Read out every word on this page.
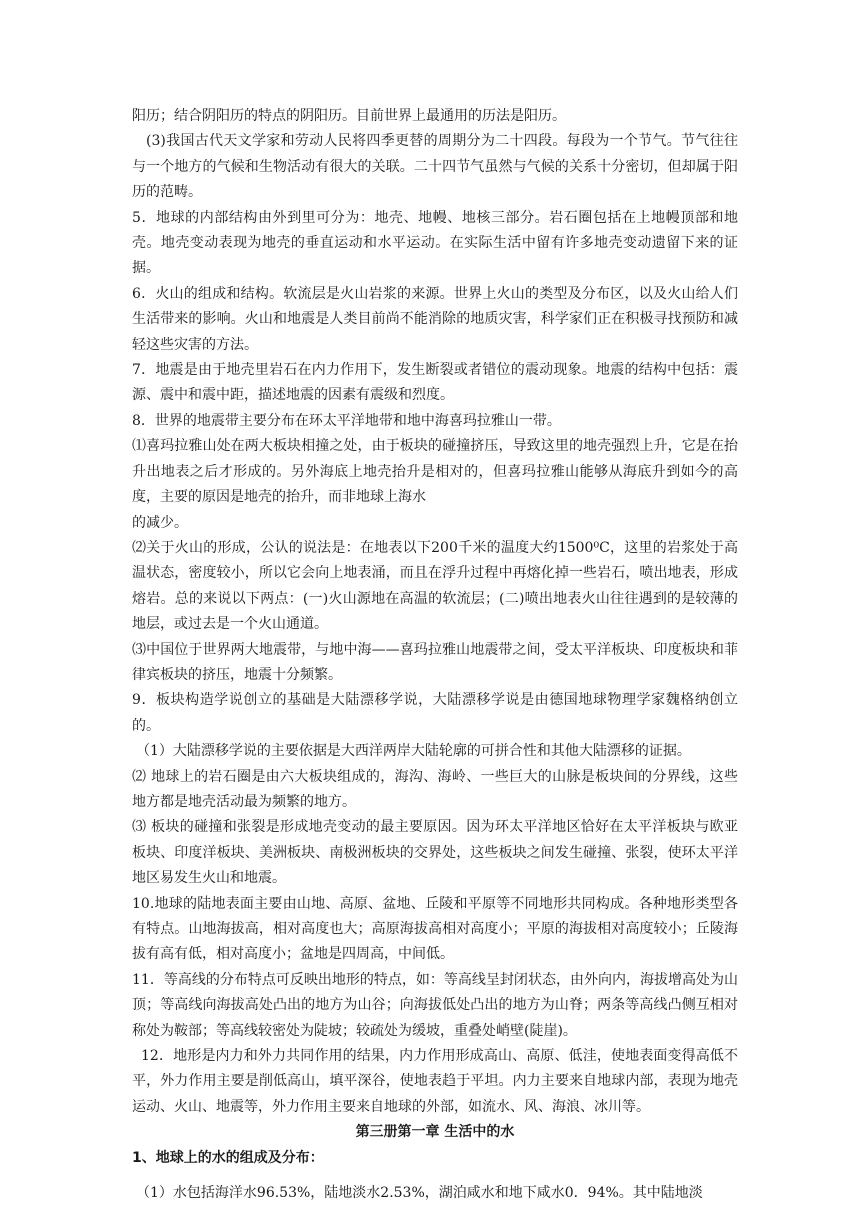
阳历；结合阴阳历的特点的阴阳历。目前世界上最通用的历法是阳历。

(3)我国古代天文学家和劳动人民将四季更替的周期分为二十四段。每段为一个节气。节气往往与一个地方的气候和生物活动有很大的关联。二十四节气虽然与气候的关系十分密切，但却属于阳历的范畴。

5．地球的内部结构由外到里可分为：地壳、地幔、地核三部分。岩石圈包括在上地幔顶部和地壳。地壳变动表现为地壳的垂直运动和水平运动。在实际生活中留有许多地壳变动遗留下来的证据。

6．火山的组成和结构。软流层是火山岩浆的来源。世界上火山的类型及分布区，以及火山给人们生活带来的影响。火山和地震是人类目前尚不能消除的地质灾害，科学家们正在积极寻找预防和减轻这些灾害的方法。

7．地震是由于地壳里岩石在内力作用下，发生断裂或者错位的震动现象。地震的结构中包括：震源、震中和震中距，描述地震的因素有震级和烈度。

8．世界的地震带主要分布在环太平洋地带和地中海喜玛拉雅山一带。

⑴喜玛拉雅山处在两大板块相撞之处，由于板块的碰撞挤压，导致这里的地壳强烈上升，它是在抬升出地表之后才形成的。另外海底上地壳抬升是相对的，但喜玛拉雅山能够从海底升到如今的高度，主要的原因是地壳的抬升，而非地球上海水

的减少。

⑵关于火山的形成，公认的说法是：在地表以下200千米的温度大约1500⁰C，这里的岩浆处于高温状态，密度较小，所以它会向上地表涌，而且在浮升过程中再熔化掉一些岩石，喷出地表，形成熔岩。总的来说以下两点：(一)火山源地在高温的软流层；(二)喷出地表火山往往遇到的是较薄的地层，或过去是一个火山通道。

⑶中国位于世界两大地震带，与地中海——喜玛拉雅山地震带之间，受太平洋板块、印度板块和菲律宾板块的挤压，地震十分频繁。

9．板块构造学说创立的基础是大陆漂移学说，大陆漂移学说是由德国地球物理学家魏格纳创立的。

（1）大陆漂移学说的主要依据是大西洋两岸大陆轮廓的可拼合性和其他大陆漂移的证据。

⑵ 地球上的岩石圈是由六大板块组成的，海沟、海岭、一些巨大的山脉是板块间的分界线，这些地方都是地壳活动最为频繁的地方。

⑶ 板块的碰撞和张裂是形成地壳变动的最主要原因。因为环太平洋地区恰好在太平洋板块与欧亚板块、印度洋板块、美洲板块、南极洲板块的交界处，这些板块之间发生碰撞、张裂，使环太平洋地区易发生火山和地震。

10.地球的陆地表面主要由山地、高原、盆地、丘陵和平原等不同地形共同构成。各种地形类型各有特点。山地海拔高，相对高度也大；高原海拔高相对高度小；平原的海拔相对高度较小；丘陵海拔有高有低，相对高度小；盆地是四周高，中间低。

11．等高线的分布特点可反映出地形的特点，如：等高线呈封闭状态，由外向内，海拔增高处为山顶；等高线向海拔高处凸出的地方为山谷；向海拔低处凸出的地方为山脊；两条等高线凸侧互相对称处为鞍部；等高线较密处为陡坡；较疏处为缓坡，重叠处峭壁(陡崖)。

12．地形是内力和外力共同作用的结果，内力作用形成高山、高原、低洼，使地表面变得高低不平，外力作用主要是削低高山，填平深谷，使地表趋于平坦。内力主要来自地球内部，表现为地壳运动、火山、地震等，外力作用主要来自地球的外部，如流水、风、海浪、冰川等。

第三册第一章 生活中的水

1、地球上的水的组成及分布：

（1）水包括海洋水96.53%，陆地淡水2.53%，湖泊咸水和地下咸水0．94%。其中陆地淡
